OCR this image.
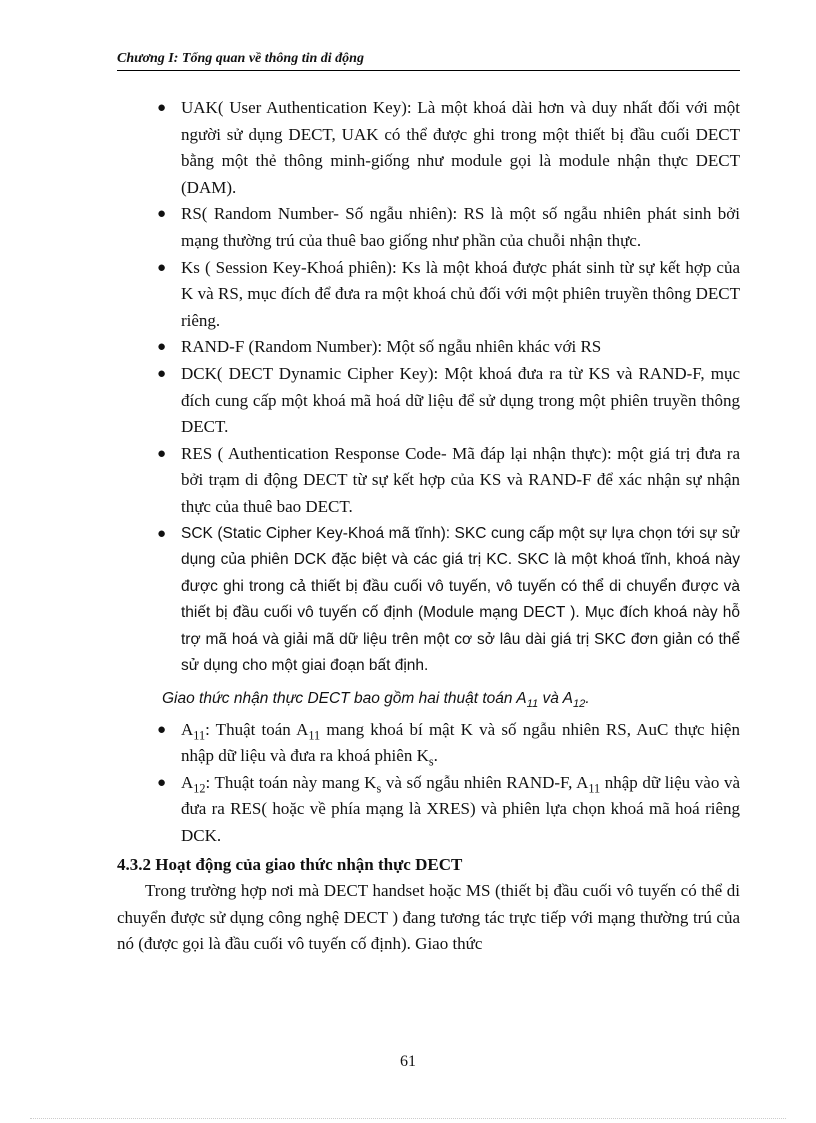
Chương I: Tổng quan về thông tin di động
● UAK( User Authentication Key): Là một khoá dài hơn và duy nhất đối với một người sử dụng DECT, UAK có thể được ghi trong một thiết bị đầu cuối DECT bằng một thẻ thông minh-giống như module gọi là module nhận thực DECT (DAM).
● RS( Random Number- Số ngẫu nhiên): RS là một số ngẫu nhiên phát sinh bởi mạng thường trú của thuê bao giống như phần của chuỗi nhận thực.
● Ks ( Session Key-Khoá phiên): Ks là một khoá được phát sinh từ sự kết hợp của K và RS, mục đích để đưa ra một khoá chủ đối với một phiên truyền thông DECT riêng.
● RAND-F (Random Number): Một số ngẫu nhiên khác với RS
● DCK( DECT Dynamic Cipher Key): Một khoá đưa ra từ KS và RAND-F, mục đích cung cấp một khoá mã hoá dữ liệu để sử dụng trong một phiên truyền thông DECT.
● RES ( Authentication Response Code- Mã đáp lại nhận thực): một giá trị đưa ra bởi trạm di động DECT từ sự kết hợp của KS và RAND-F để xác nhận sự nhận thực của thuê bao DECT.
● SCK (Static Cipher Key-Khoá mã tĩnh): SKC cung cấp một sự lựa chọn tới sự sử dụng của phiên DCK đặc biệt và các giá trị KC. SKC là một khoá tĩnh, khoá này được ghi trong cả thiết bị đầu cuối vô tuyến, vô tuyến có thể di chuyển được và thiết bị đầu cuối vô tuyến cố định (Module mạng DECT ). Mục đích khoá này hỗ trợ mã hoá và giải mã dữ liệu trên một cơ sở lâu dài giá trị SKC đơn giản có thể sử dụng cho một giai đoạn bất định.
Giao thức nhận thực DECT bao gồm hai thuật toán $A_{11}$ và $A_{12}$.
● $A_{11}$: Thuật toán $A_{11}$ mang khoá bí mật K và số ngẫu nhiên RS, AuC thực hiện nhập dữ liệu và đưa ra khoá phiên $K_s$.
● $A_{12}$: Thuật toán này mang $K_s$ và số ngẫu nhiên RAND-F, $A_{11}$ nhập dữ liệu vào và đưa ra RES( hoặc về phía mạng là XRES) và phiên lựa chọn khoá mã hoá riêng DCK.
4.3.2 Hoạt động của giao thức nhận thực DECT
Trong trường hợp nơi mà DECT handset hoặc MS (thiết bị đầu cuối vô tuyến có thể di chuyển được sử dụng công nghệ DECT ) đang tương tác trực tiếp với mạng thường trú của nó (được gọi là đầu cuối vô tuyến cố định). Giao thức
61
